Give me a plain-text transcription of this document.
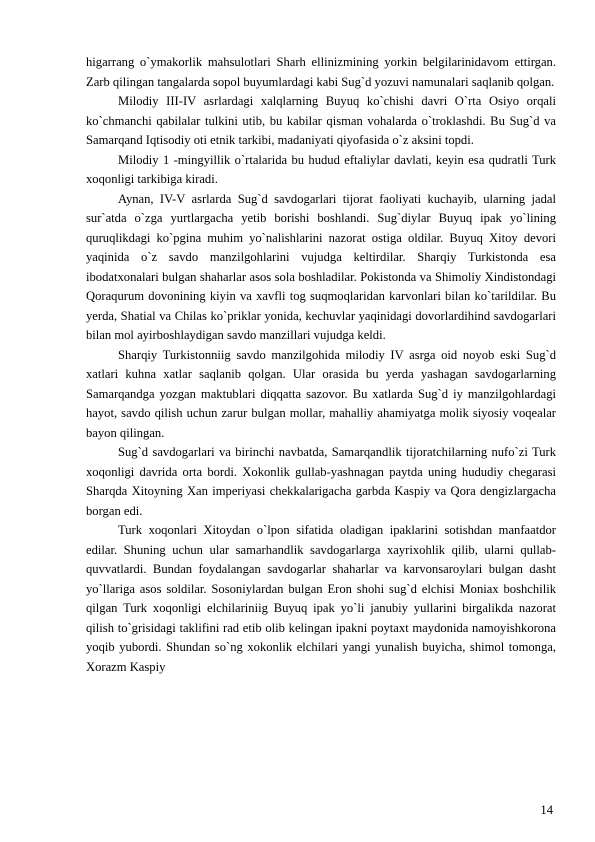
higarrang o`ymakorlik mahsulotlari Sharh ellinizmining yorkin belgilarinidavom ettirgan. Zarb qilingan tangalarda sopol buyumlardagi kabi Sug`d yozuvi namunalari saqlanib qolgan.

Milodiy III-IV asrlardagi xalqlarning Buyuq ko`chishi davri O`rta Osiyo orqali ko`chmanchi qabilalar tulkini utib, bu kabilar qisman vohalarda o`troklashdi. Bu Sug`d va Samarqand Iqtisodiy oti etnik tarkibi, madaniyati qiyofasida o`z aksini topdi.

Milodiy 1 -mingyillik o`rtalarida bu hudud eftaliylar davlati, keyin esa qudratli Turk xoqonligi tarkibiga kiradi.

Aynan, IV-V asrlarda Sug`d savdogarlari tijorat faoliyati kuchayib, ularning jadal sur`atda o`zga yurtlargacha yetib borishi boshlandi. Sug`diylar Buyuq ipak yo`lining quruqlikdagi ko`pgina muhim yo`nalishlarini nazorat ostiga oldilar. Buyuq Xitoy devori yaqinida o`z savdo manzilgohlarini vujudga keltirdilar. Sharqiy Turkistonda esa ibodatxonalari bulgan shaharlar asos sola boshladilar. Pokistonda va Shimoliy Xindistondagi Qoraqurum dovonining kiyin va xavfli tog suqmoqlaridan karvonlari bilan ko`tarildilar. Bu yerda, Shatial va Chilas ko`priklar yonida, kechuvlar yaqinidagi dovorlardihind savdogarlari bilan mol ayirboshlaydigan savdo manzillari vujudga keldi.

Sharqiy Turkistonniig savdo manzilgohida milodiy IV asrga oid noyob eski Sug`d xatlari kuhna xatlar saqlanib qolgan. Ular orasida bu yerda yashagan savdogarlarning Samarqandga yozgan maktublari diqqatta sazovor. Bu xatlarda Sug`d iy manzilgohlardagi hayot, savdo qilish uchun zarur bulgan mollar, mahalliy ahamiyatga molik siyosiy voqealar bayon qilingan.

Sug`d savdogarlari va birinchi navbatda, Samarqandlik tijoratchilarning nufo`zi Turk xoqonligi davrida orta bordi. Xokonlik gullab-yashnagan paytda uning hududiy chegarasi Sharqda Xitoyning Xan imperiyasi chekkalarigacha garbda Kaspiy va Qora dengizlargacha borgan edi.

Turk xoqonlari Xitoydan o`lpon sifatida oladigan ipaklarini sotishdan manfaatdor edilar. Shuning uchun ular samarhandlik savdogarlarga xayrixohlik qilib, ularni qullab-quvvatlardi. Bundan foydalangan savdogarlar shaharlar va karvonsaroylari bulgan dasht yo`llariga asos soldilar. Sosoniylardan bulgan Eron shohi sug`d elchisi Moniax boshchilik qilgan Turk xoqonligi elchilariniig Buyuq ipak yo`li janubiy yullarini birgalikda nazorat qilish to`grisidagi taklifini rad etib olib kelingan ipakni poytaxt maydonida namoyishkorona yoqib yubordi. Shundan so`ng xokonlik elchilari yangi yunalish buyicha, shimol tomonga, Xorazm Kaspiy

14
